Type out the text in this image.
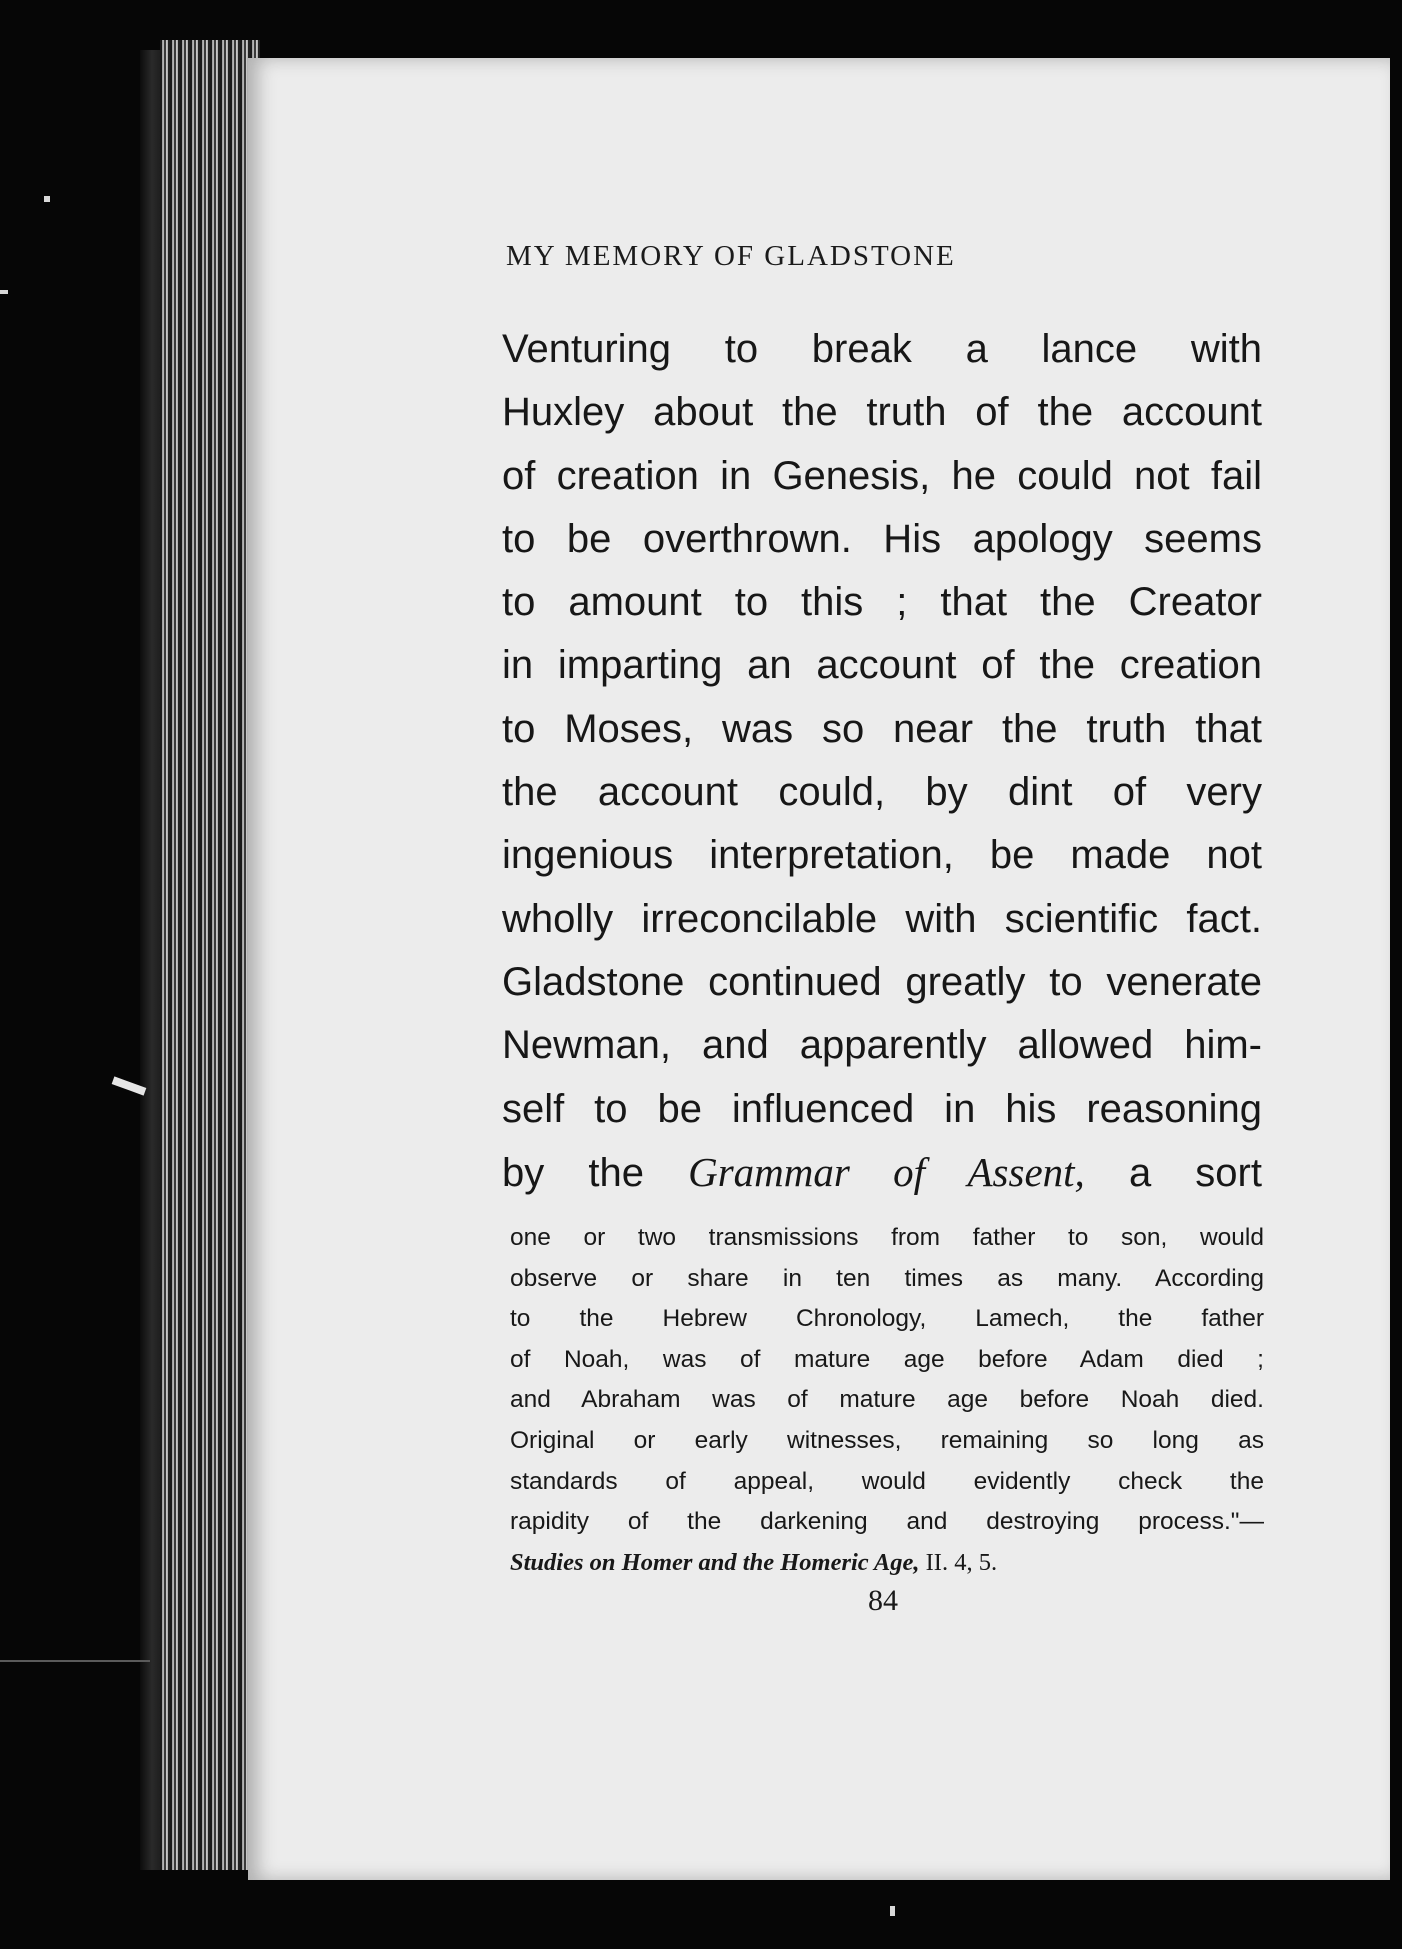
MY MEMORY OF GLADSTONE
Venturing to break a lance with
Huxley about the truth of the account
of creation in Genesis, he could not fail
to be overthrown. His apology seems
to amount to this ; that the Creator
in imparting an account of the creation
to Moses, was so near the truth that
the account could, by dint of very
ingenious interpretation, be made not
wholly irreconcilable with scientific fact.
Gladstone continued greatly to venerate
Newman, and apparently allowed him-
self to be influenced in his reasoning
by the Grammar of Assent, a sort
one or two transmissions from father to son, would
observe or share in ten times as many. According
to the Hebrew Chronology, Lamech, the father
of Noah, was of mature age before Adam died ;
and Abraham was of mature age before Noah died.
Original or early witnesses, remaining so long as
standards of appeal, would evidently check the
rapidity of the darkening and destroying process."—
Studies on Homer and the Homeric Age, II. 4, 5.
84
